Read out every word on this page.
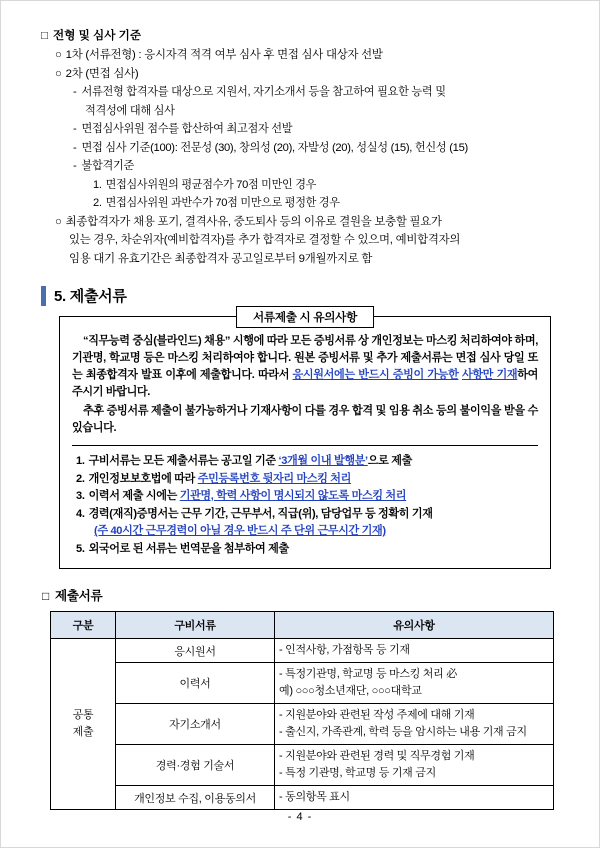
□ 전형 및 심사 기준
○ 1차 (서류전형) : 응시자격 적격 여부 심사 후 면접 심사 대상자 선발
○ 2차 (면접 심사)
- 서류전형 합격자를 대상으로 지원서, 자기소개서 등을 참고하여 필요한 능력 및
적격성에 대해 심사
- 면접심사위원 점수를 합산하여 최고점자 선발
- 면접 심사 기준(100): 전문성 (30), 창의성 (20), 자발성 (20), 성실성 (15), 헌신성 (15)
- 불합격기준
1. 면접심사위원의 평균점수가 70점 미만인 경우
2. 면접심사위원 과반수가 70점 미만으로 평정한 경우
○ 최종합격자가 채용 포기, 결격사유, 중도퇴사 등의 이유로 결원을 보충할 필요가
있는 경우, 차순위자(예비합격자)를 추가 합격자로 결정할 수 있으며, 예비합격자의
임용 대기 유효기간은 최종합격자 공고일로부터 9개월까지로 함
5. 제출서류
서류제출 시 유의사항
“직무능력 중심(블라인드) 채용” 시행에 따라 모든 증빙서류 상 개인정보는 마스킹 처리하여야 하며, 기관명, 학교명 등은 마스킹 처리하여야 합니다. 원본 증빙서류 및 추가 제출서류는 면접 심사 당일 또는 최종합격자 발표 이후에 제출합니다. 따라서 응시원서에는 반드시 증빙이 가능한 사항만 기재하여 주시기 바랍니다.
추후 증빙서류 제출이 불가능하거나 기재사항이 다를 경우 합격 및 임용 취소 등의 불이익을 받을 수 있습니다.
1. 구비서류는 모든 제출서류는 공고일 기준 ‘3개월 이내 발행분’으로 제출
2. 개인정보보호법에 따라 주민등록번호 뒷자리 마스킹 처리
3. 이력서 제출 시에는 기관명, 학력 사항이 명시되지 않도록 마스킹 처리
4. 경력(재직)증명서는 근무 기간, 근무부서, 직급(위), 담당업무 등 정확히 기재
(주 40시간 근무경력이 아닐 경우 반드시 주 단위 근무시간 기재)
5. 외국어로 된 서류는 번역문을 첨부하여 제출
□ 제출서류
구분	구비서류	유의사항

공통
제출	응시원서	- 인적사항, 가점항목 등 기재

	이력서	- 특정기관명, 학교명 등 마스킹 처리 必
예) ○○○청소년재단, ○○○대학교

	자기소개서	- 지원분야와 관련된 작성 주제에 대해 기재
- 출신지, 가족관계, 학력 등을 암시하는 내용 기재 금지

	경력·경험 기술서	- 지원분야와 관련된 경력 및 직무경험 기재
- 특정 기관명, 학교명 등 기재 금지

	개인정보 수집, 이용동의서	- 동의항목 표시
- 4 -
